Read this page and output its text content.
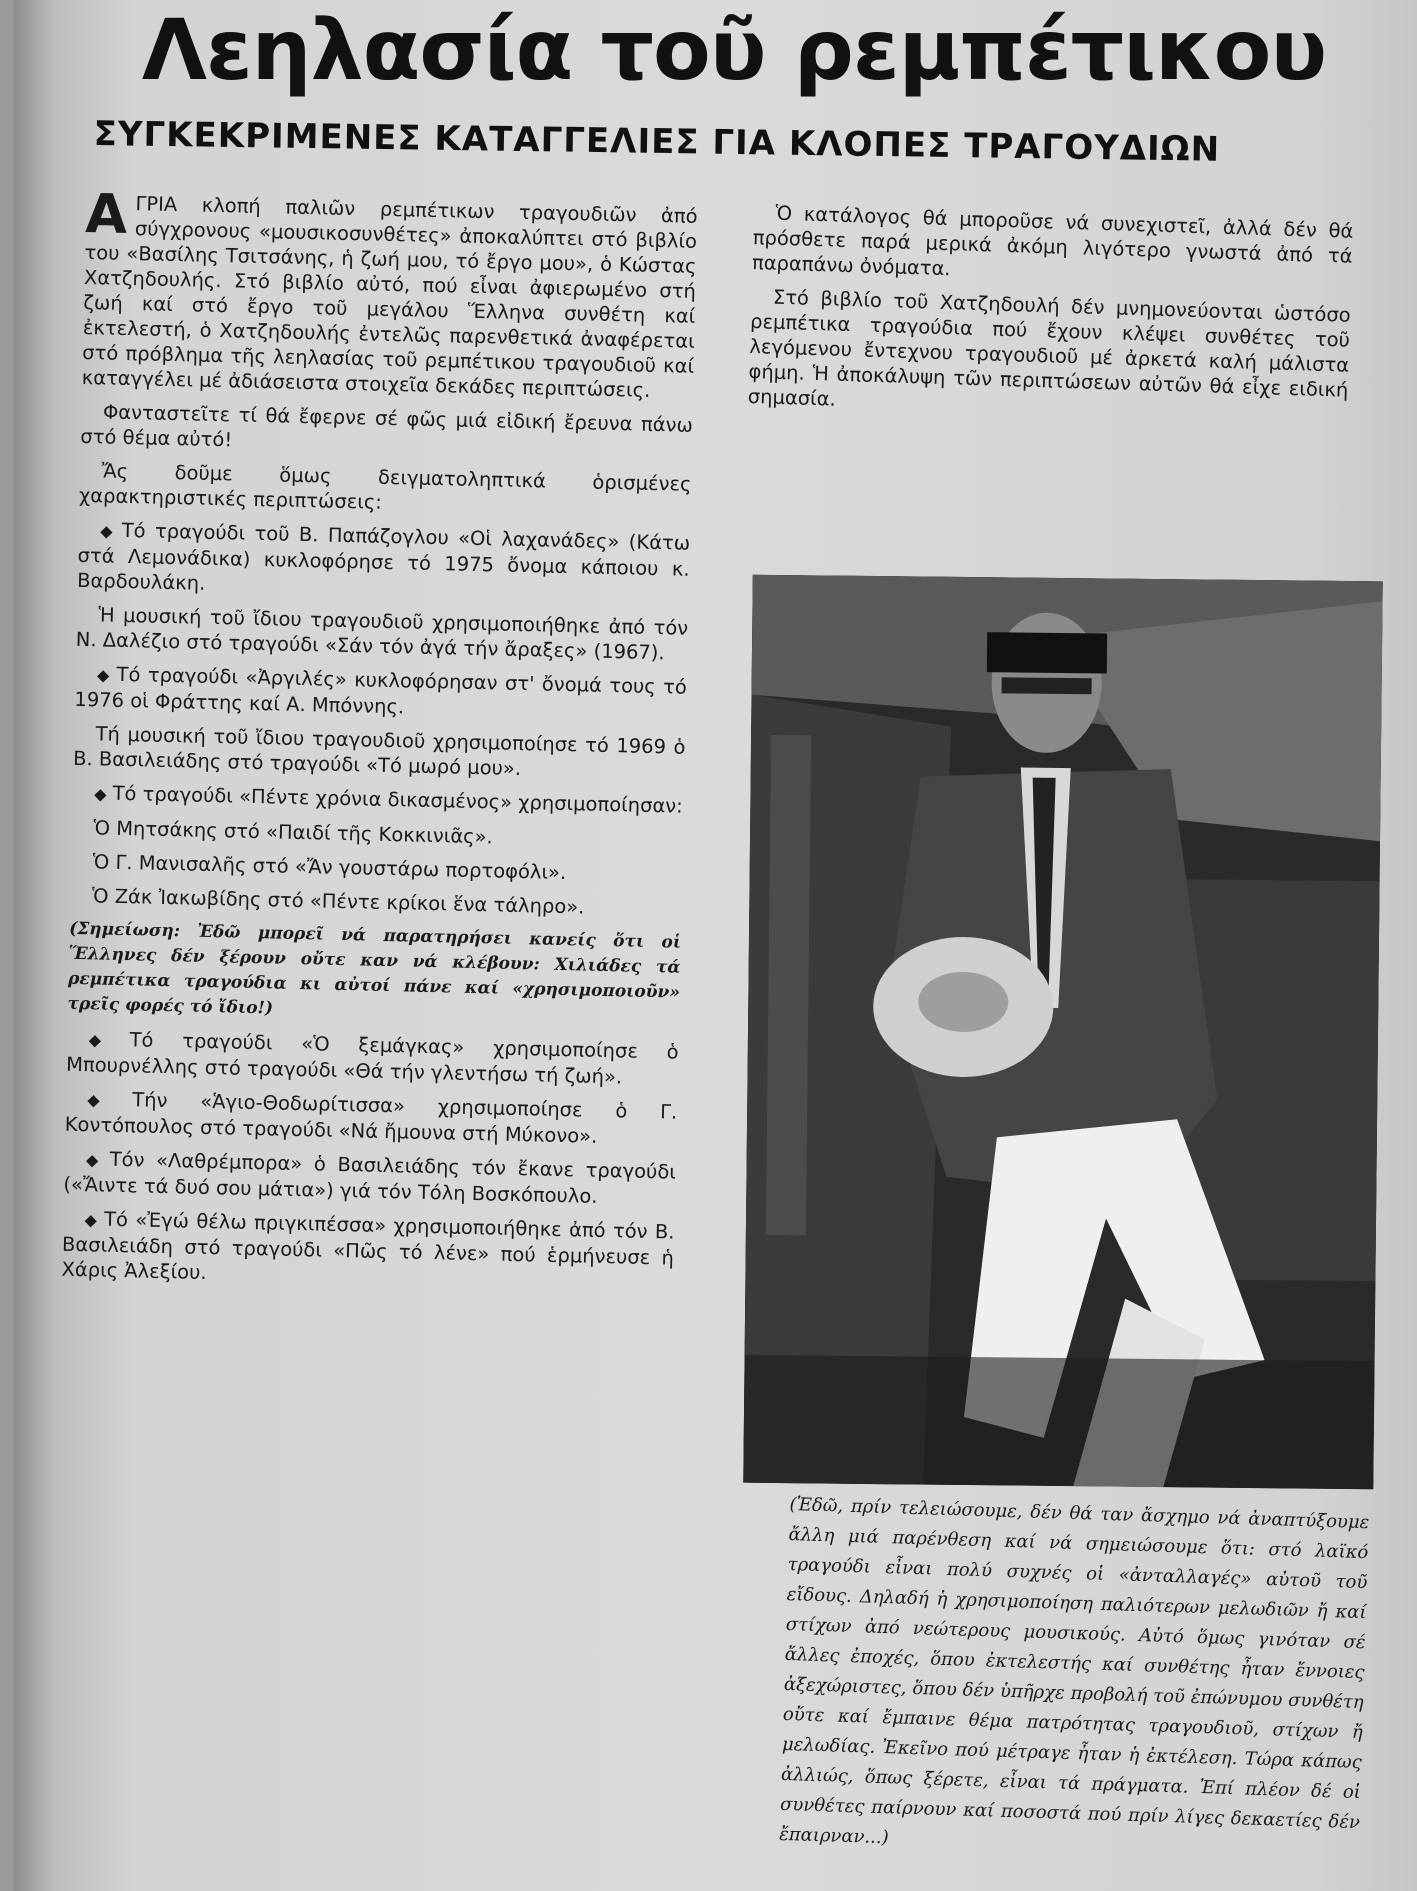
Λεηλασία τοῦ ρεμπέτικου
ΣΥΓΚΕΚΡΙΜΕΝΕΣ ΚΑΤΑΓΓΕΛΙΕΣ ΓΙΑ ΚΛΟΠΕΣ ΤΡΑΓΟΥΔΙΩΝ

ΑΓΡΙΑ κλοπή παλιῶν ρεμπέτικων τραγουδιῶν ἀπό σύγχρονους «μουσικοσυνθέτες» ἀποκαλύπτει στό βιβλίο του «Βασίλης Τσιτσάνης, ἡ ζωή μου, τό ἔργο μου», ὁ Κώστας Χατζηδουλής. Στό βιβλίο αὐτό, πού εἶναι ἀφιερωμένο στή ζωή καί στό ἔργο τοῦ μεγάλου Ἕλληνα συνθέτη καί ἐκτελεστή, ὁ Χατζηδουλής ἐντελῶς παρενθετικά ἀναφέρεται στό πρόβλημα τῆς λεηλασίας τοῦ ρεμπέτικου τραγουδιοῦ καί καταγγέλει μέ ἀδιάσειστα στοιχεῖα δεκάδες περιπτώσεις.

Φανταστεῖτε τί θά ἔφερνε σέ φῶς μιά εἰδική ἔρευνα πάνω στό θέμα αὐτό!

Ἄς δοῦμε ὅμως δειγματοληπτικά ὁρισμένες χαρακτηριστικές περιπτώσεις:

◆ Τό τραγούδι τοῦ Β. Παπάζογλου «Οἱ λαχανάδες» (Κάτω στά Λεμονάδικα) κυκλοφόρησε τό 1975 ὄνομα κάποιου κ. Βαρδουλάκη.

Ἡ μουσική τοῦ ἴδιου τραγουδιοῦ χρησιμοποιήθηκε ἀπό τόν Ν. Δαλέζιο στό τραγούδι «Σάν τόν ἀγά τήν ἄραξες» (1967).

◆ Τό τραγούδι «Ἀργιλές» κυκλοφόρησαν στ' ὄνομά τους τό 1976 οἱ Φράττης καί Α. Μπόννης.

Τή μουσική τοῦ ἴδιου τραγουδιοῦ χρησιμοποίησε τό 1969 ὁ Β. Βασιλειάδης στό τραγούδι «Τό μωρό μου».

◆ Τό τραγούδι «Πέντε χρόνια δικασμένος» χρησιμοποίησαν:

Ὁ Μητσάκης στό «Παιδί τῆς Κοκκινιᾶς».

Ὁ Γ. Μανισαλῆς στό «Ἄν γουστάρω πορτοφόλι».

Ὁ Ζάκ Ἰακωβίδης στό «Πέντε κρίκοι ἕνα τάληρο».

(Σημείωση: Ἐδῶ μπορεῖ νά παρατηρήσει κανείς ὅτι οἱ Ἕλληνες δέν ξέρουν οὔτε καν νά κλέβουν: Χιλιάδες τά ρεμπέτικα τραγούδια κι αὐτοί πάνε καί «χρησιμοποιοῦν» τρεῖς φορές τό ἴδιο!)

◆ Τό τραγούδι «Ὁ ξεμάγκας» χρησιμοποίησε ὁ Μπουρνέλλης στό τραγούδι «Θά τήν γλεντήσω τή ζωή».

◆ Τήν «Ἁγιο-Θοδωρίτισσα» χρησιμοποίησε ὁ Γ. Κοντόπουλος στό τραγούδι «Νά ἤμουνα στή Μύκονο».

◆ Τόν «Λαθρέμπορα» ὁ Βασιλειάδης τόν ἔκανε τραγούδι («Ἄιντε τά δυό σου μάτια») γιά τόν Τόλη Βοσκόπουλο.

◆ Τό «Ἐγώ θέλω πριγκιπέσσα» χρησιμοποιήθηκε ἀπό τόν Β. Βασιλειάδη στό τραγούδι «Πῶς τό λένε» πού ἑρμήνευσε ἡ Χάρις Ἀλεξίου.

Ὁ κατάλογος θά μποροῦσε νά συνεχιστεῖ, ἀλλά δέν θά πρόσθετε παρά μερικά ἀκόμη λιγότερο γνωστά ἀπό τά παραπάνω ὀνόματα.

Στό βιβλίο τοῦ Χατζηδουλή δέν μνημονεύονται ὡστόσο ρεμπέτικα τραγούδια πού ἔχουν κλέψει συνθέτες τοῦ λεγόμενου ἔντεχνου τραγουδιοῦ μέ ἀρκετά καλή μάλιστα φήμη. Ἡ ἀποκάλυψη τῶν περιπτώσεων αὐτῶν θά εἶχε ειδική σημασία.

(Ἐδῶ, πρίν τελειώσουμε, δέν θά ταν ἄσχημο νά ἀναπτύξουμε ἄλλη μιά παρένθεση καί νά σημειώσουμε ὅτι: στό λαϊκό τραγούδι εἶναι πολύ συχνές οἱ «ἀνταλλαγές» αὐτοῦ τοῦ εἴδους. Δηλαδή ἡ χρησιμοποίηση παλιότερων μελωδιῶν ἤ καί στίχων ἀπό νεώτερους μουσικούς. Αὐτό ὅμως γινόταν σέ ἄλλες ἐποχές, ὅπου ἐκτελεστής καί συνθέτης ἦταν ἔννοιες ἀξεχώριστες, ὅπου δέν ὑπῆρχε προβολή τοῦ ἐπώνυμου συνθέτη οὔτε καί ἔμπαινε θέμα πατρότητας τραγουδιοῦ, στίχων ἤ μελωδίας. Ἐκεῖνο πού μέτραγε ἦταν ἡ ἐκτέλεση. Τώρα κάπως ἀλλιώς, ὅπως ξέρετε, εἶναι τά πράγματα. Ἐπί πλέον δέ οἱ συνθέτες παίρνουν καί ποσοστά πού πρίν λίγες δεκαετίες δέν ἔπαιρναν...)
